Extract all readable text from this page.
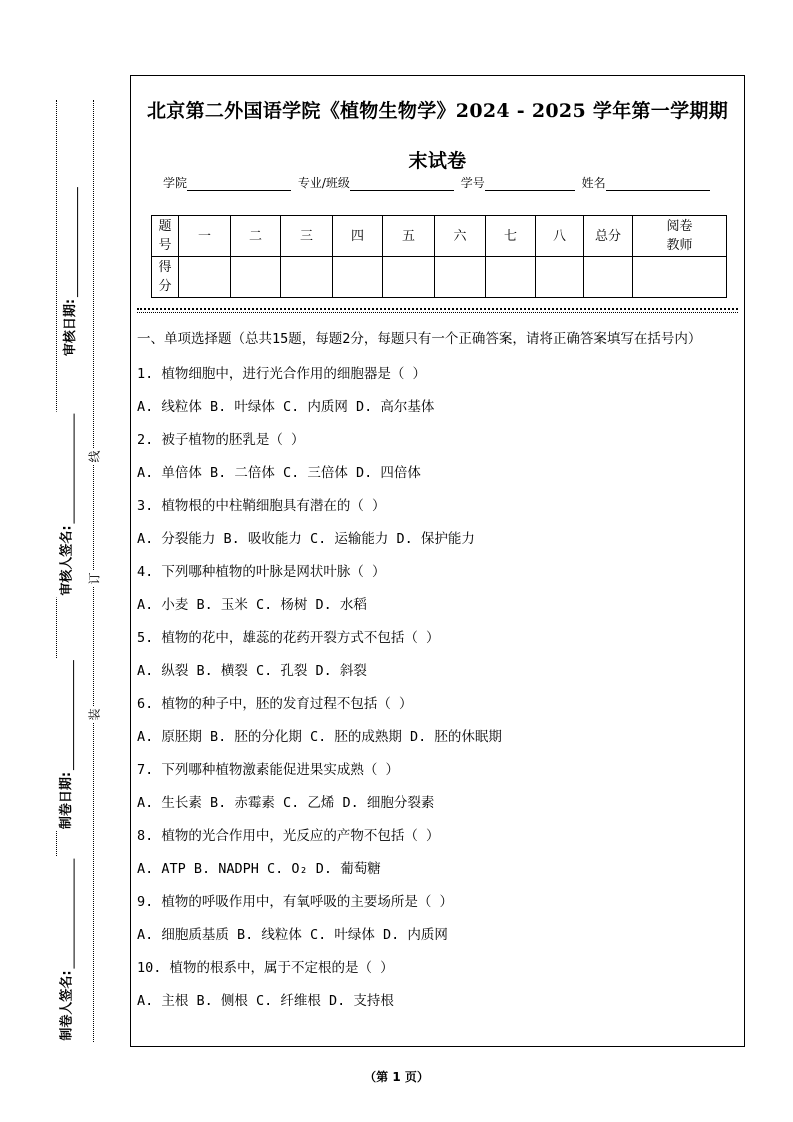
审核日期:
审核人签名:
制卷日期:
制卷人签名:
线
订
装
北京第二外国语学院《植物生物学》2024 - 2025 学年第一学期期
末试卷
学院	专业/班级	学号	姓名
题号	一	二	三	四	五	六	七	八	总分	阅卷教师
得分										
一、单项选择题（总共15题，每题2分，每题只有一个正确答案，请将正确答案填写在括号内）
1. 植物细胞中，进行光合作用的细胞器是（ ）
A. 线粒体 B. 叶绿体 C. 内质网 D. 高尔基体
2. 被子植物的胚乳是（ ）
A. 单倍体 B. 二倍体 C. 三倍体 D. 四倍体
3. 植物根的中柱鞘细胞具有潜在的（ ）
A. 分裂能力 B. 吸收能力 C. 运输能力 D. 保护能力
4. 下列哪种植物的叶脉是网状叶脉（ ）
A. 小麦 B. 玉米 C. 杨树 D. 水稻
5. 植物的花中，雄蕊的花药开裂方式不包括（ ）
A. 纵裂 B. 横裂 C. 孔裂 D. 斜裂
6. 植物的种子中，胚的发育过程不包括（ ）
A. 原胚期 B. 胚的分化期 C. 胚的成熟期 D. 胚的休眠期
7. 下列哪种植物激素能促进果实成熟（ ）
A. 生长素 B. 赤霉素 C. 乙烯 D. 细胞分裂素
8. 植物的光合作用中，光反应的产物不包括（ ）
A. ATP B. NADPH C. O₂ D. 葡萄糖
9. 植物的呼吸作用中，有氧呼吸的主要场所是（ ）
A. 细胞质基质 B. 线粒体 C. 叶绿体 D. 内质网
10. 植物的根系中，属于不定根的是（ ）
A. 主根 B. 侧根 C. 纤维根 D. 支持根
（第 1 页）
